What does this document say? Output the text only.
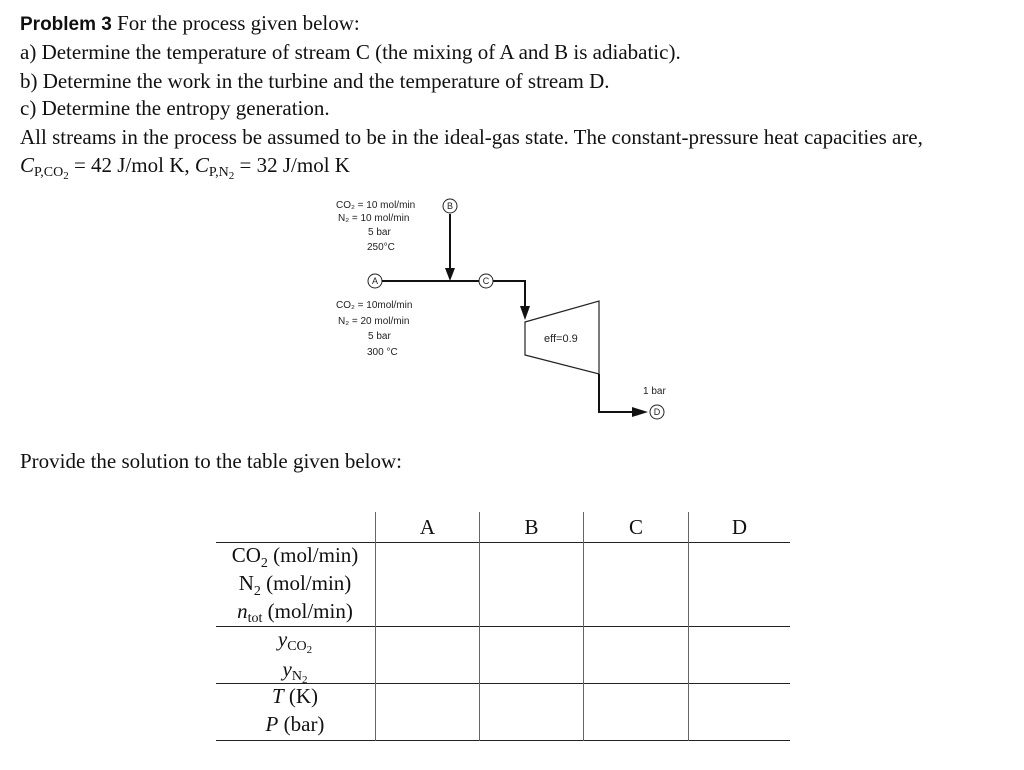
Problem 3 For the process given below:
a) Determine the temperature of stream C (the mixing of A and B is adiabatic).
b) Determine the work in the turbine and the temperature of stream D.
c) Determine the entropy generation.
All streams in the process be assumed to be in the ideal-gas state. The constant-pressure heat capacities are,
$C_{P,CO_2} = 42$ J/mol K, $C_{P,N_2} = 32$ J/mol K
CO₂ = 10 mol/min
N₂ = 10 mol/min
5 bar
250°C
B
A
CO₂ = 10mol/min
N₂ = 20 mol/min
5 bar
300 °C
C
eff=0.9
D
1 bar
Provide the solution to the table given below:
A	B	C	D
$CO_2$ (mol/min)
$N_2$ (mol/min)
$n_{tot}$ (mol/min)
$y_{CO_2}$
$y_{N_2}$
T (K)
P (bar)
